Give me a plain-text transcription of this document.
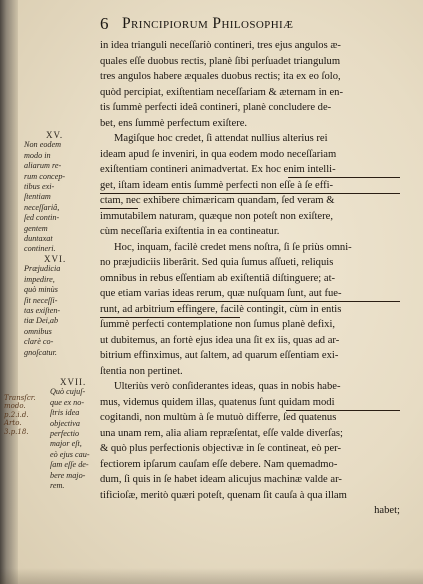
6 Principiorum Philosophiæ
in idea trianguli neceſſariò contineri, tres ejus angulos æ-
quales eſſe duobus rectis, planè ſibi perſuadet triangulum
tres angulos habere æquales duobus rectis; ita ex eo ſolo,
quòd percipiat, exiſtentiam neceſſariam & æternam in en-
tis ſummè perfecti ideâ contineri, planè concludere de-
bet, ens ſummè perfectum exiſtere.
Magiſque hoc credet, ſi attendat nullius alterius rei
ideam apud ſe inveniri, in qua eodem modo neceſſariam
exiſtentiam contineri animadvertat. Ex hoc enim intelli-
get, iſtam ideam entis ſummè perfecti non eſſe à ſe effi-
ctam, nec exhibere chimæricam quandam, ſed veram &
immutabilem naturam, quæque non poteſt non exiſtere,
cùm neceſſaria exiſtentia in ea contineatur.
Hoc, inquam, facilè credet mens noſtra, ſi ſe priùs omni-
no præjudiciis liberârit. Sed quia ſumus aſſueti, reliquis
omnibus in rebus eſſentiam ab exiſtentiâ diſtinguere; at-
que etiam varias ideas rerum, quæ nuſquam ſunt, aut fue-
runt, ad arbitrium effingere, facilè contingit, cùm in entis
ſummè perfecti contemplatione non ſumus planè defixi,
ut dubitemus, an fortè ejus idea una ſit ex iis, quas ad ar-
bitrium effinximus, aut ſaltem, ad quarum eſſentiam exi-
ſtentia non pertinet.
Ulteriùs verò conſiderantes ideas, quas in nobis habe-
mus, videmus quidem illas, quatenus ſunt quidam modi
cogitandi, non multùm à ſe mutuò differre, ſed quatenus
una unam rem, alia aliam repræſentat, eſſe valde diverſas;
& quò plus perfectionis objectivæ in ſe contineat, eò per-
fectiorem ipſarum cauſam eſſe debere. Nam quemadmo-
dum, ſi quis in ſe habet ideam alicujus machinæ valde ar-
tificioſæ, meritò quæri poteſt, quenam ſit cauſa à qua illam
habet;
XV.
Non eodem
modo in
aliarum re-
rum concep-
tibus exi-
ſtentiam
neceſſariâ,
ſed contin-
gentem
duntaxat
contineri.
XVI.
Præjudicia
impedire,
quò minùs
ſit neceſſi-
tas exiſten-
tiæ Dei,ab
omnibus
clarè co-
gnoſcatur.
XVII.
Quò cujuſ-
que ex no-
ſtris idea
objectiva
perfectio
major eſt,
eò ejus cau-
ſam eſſe de-
bere majo-
rem.
Transſcr. modo.
p.2.i.d. Arto.
3.p.18.
